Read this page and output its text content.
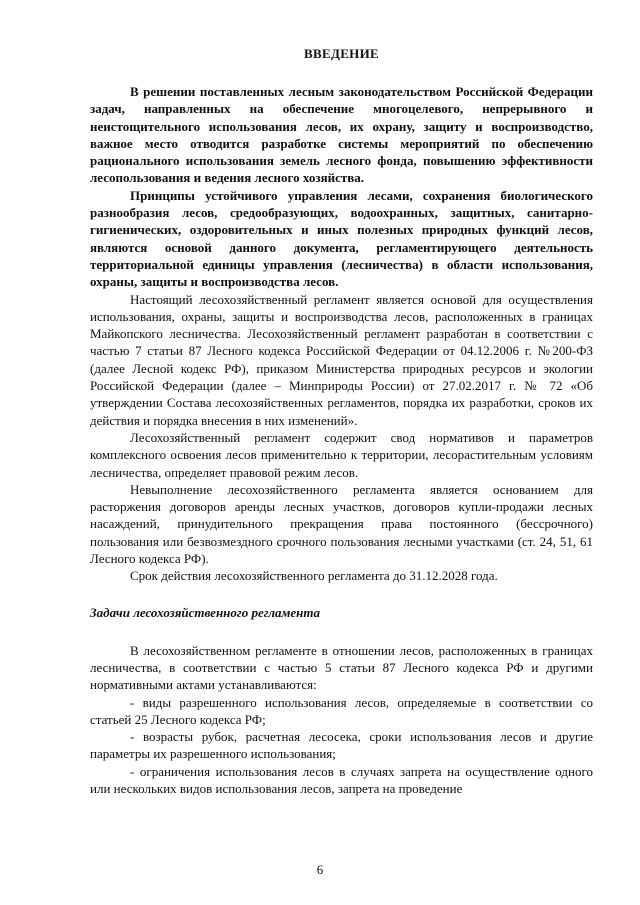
ВВЕДЕНИЕ

В решении поставленных лесным законодательством Российской Федерации задач, направленных на обеспечение многоцелевого, непрерывного и неистощительного использования лесов, их охрану, защиту и воспроизводство, важное место отводится разработке системы мероприятий по обеспечению рационального использования земель лесного фонда, повышению эффективности лесопользования и ведения лесного хозяйства.

Принципы устойчивого управления лесами, сохранения биологического разнообразия лесов, средообразующих, водоохранных, защитных, санитарно-гигиенических, оздоровительных и иных полезных природных функций лесов, являются основой данного документа, регламентирующего деятельность территориальной единицы управления (лесничества) в области использования, охраны, защиты и воспроизводства лесов.

Настоящий лесохозяйственный регламент является основой для осуществления использования, охраны, защиты и воспроизводства лесов, расположенных в границах Майкопского лесничества. Лесохозяйственный регламент разработан в соответствии с частью 7 статьи 87 Лесного кодекса Российской Федерации от 04.12.2006 г. №200-ФЗ (далее Лесной кодекс РФ), приказом Министерства природных ресурсов и экологии Российской Федерации (далее – Минприроды России) от 27.02.2017 г. № 72 «Об утверждении Состава лесохозяйственных регламентов, порядка их разработки, сроков их действия и порядка внесения в них изменений».

Лесохозяйственный регламент содержит свод нормативов и параметров комплексного освоения лесов применительно к территории, лесорастительным условиям лесничества, определяет правовой режим лесов.

Невыполнение лесохозяйственного регламента является основанием для расторжения договоров аренды лесных участков, договоров купли-продажи лесных насаждений, принудительного прекращения права постоянного (бессрочного) пользования или безвозмездного срочного пользования лесными участками (ст. 24, 51, 61 Лесного кодекса РФ).

Срок действия лесохозяйственного регламента до 31.12.2028 года.

Задачи лесохозяйственного регламента

В лесохозяйственном регламенте в отношении лесов, расположенных в границах лесничества, в соответствии с частью 5 статьи 87 Лесного кодекса РФ и другими нормативными актами устанавливаются:

- виды разрешенного использования лесов, определяемые в соответствии со статьей 25 Лесного кодекса РФ;

- возрасты рубок, расчетная лесосека, сроки использования лесов и другие параметры их разрешенного использования;

- ограничения использования лесов в случаях запрета на осуществление одного или нескольких видов использования лесов, запрета на проведение

6
